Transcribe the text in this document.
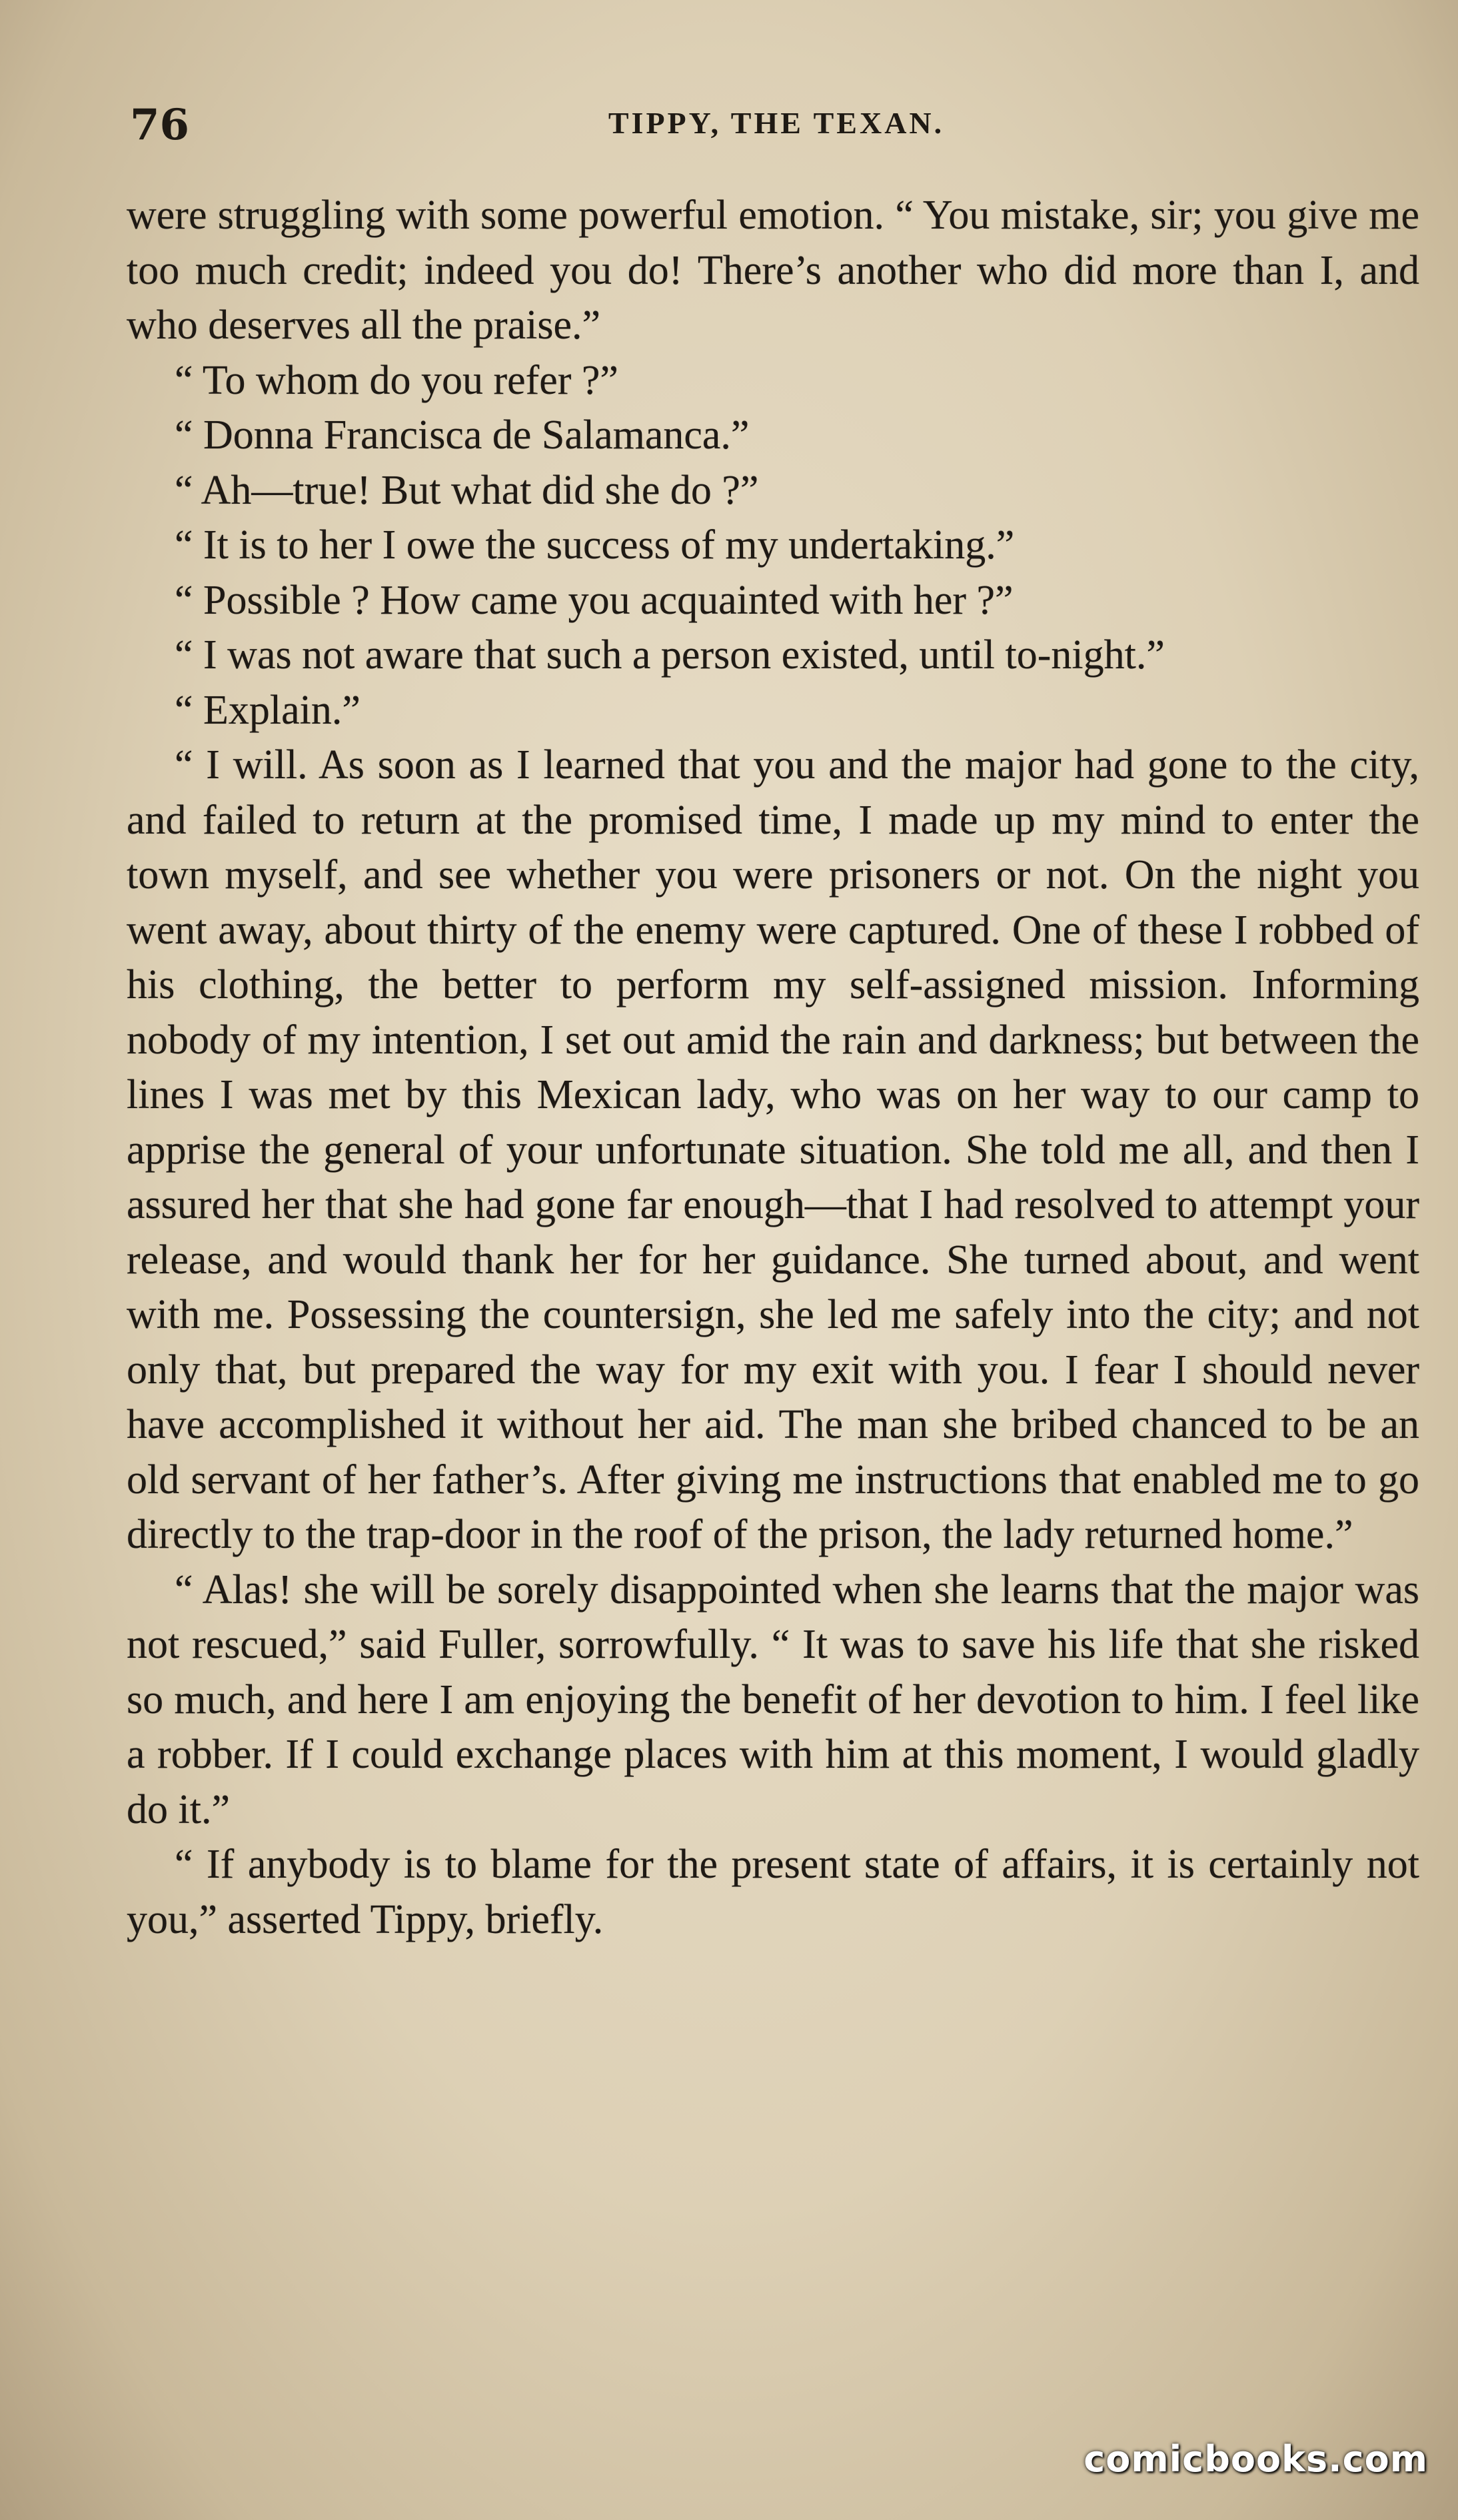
76	TIPPY, THE TEXAN.

were struggling with some powerful emotion. “ You mistake, sir; you give me too much credit; indeed you do! There’s another who did more than I, and who deserves all the praise.”

“ To whom do you refer ?”

“ Donna Francisca de Salamanca.”

“ Ah—true! But what did she do ?”

“ It is to her I owe the success of my undertaking.”

“ Possible ? How came you acquainted with her ?”

“ I was not aware that such a person existed, until to-night.”

“ Explain.”

“ I will. As soon as I learned that you and the major had gone to the city, and failed to return at the promised time, I made up my mind to enter the town myself, and see whether you were prisoners or not. On the night you went away, about thirty of the enemy were captured. One of these I robbed of his clothing, the better to perform my self-assigned mission. Informing nobody of my intention, I set out amid the rain and darkness; but between the lines I was met by this Mexican lady, who was on her way to our camp to apprise the general of your unfortunate situation. She told me all, and then I assured her that she had gone far enough—that I had resolved to attempt your release, and would thank her for her guidance. She turned about, and went with me. Possessing the countersign, she led me safely into the city; and not only that, but prepared the way for my exit with you. I fear I should never have accomplished it without her aid. The man she bribed chanced to be an old servant of her father’s. After giving me instructions that enabled me to go directly to the trap-door in the roof of the prison, the lady returned home.”

“ Alas! she will be sorely disappointed when she learns that the major was not rescued,” said Fuller, sorrowfully. “ It was to save his life that she risked so much, and here I am enjoying the benefit of her devotion to him. I feel like a robber. If I could exchange places with him at this moment, I would gladly do it.”

“ If anybody is to blame for the present state of affairs, it is certainly not you,” asserted Tippy, briefly.

comicbooks.com
